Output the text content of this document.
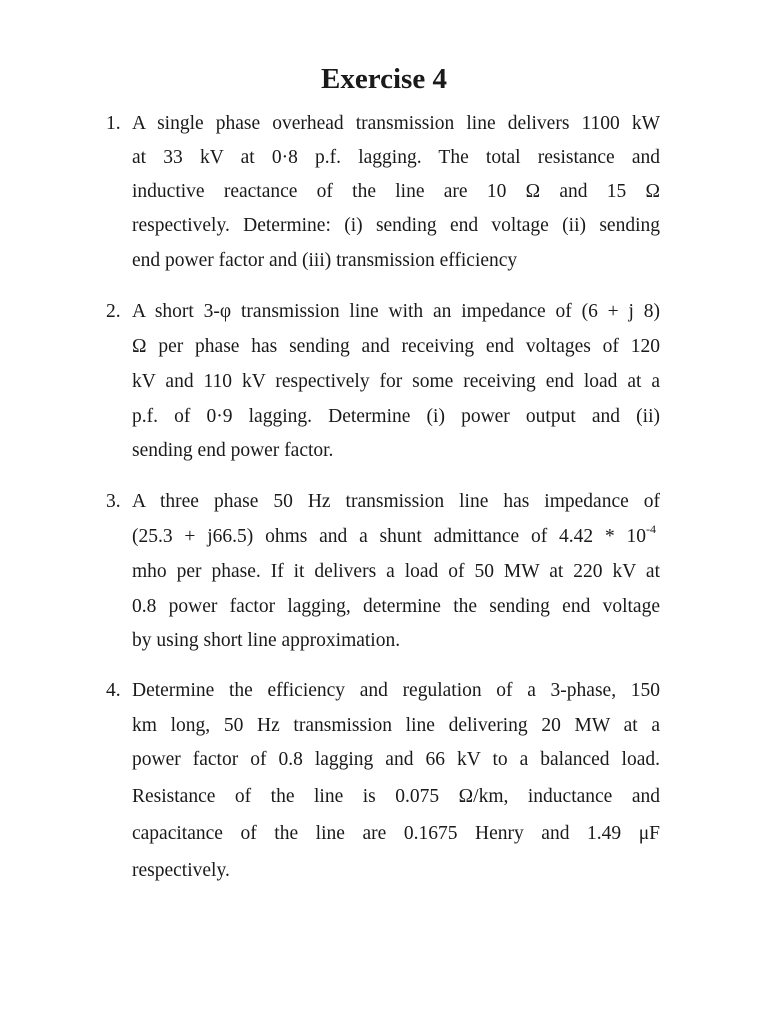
Exercise 4
1. A single phase overhead transmission line delivers 1100 kW
at 33 kV at 0·8 p.f. lagging. The total resistance and
inductive reactance of the line are 10 Ω and 15 Ω
respectively. Determine: (i) sending end voltage (ii) sending
end power factor and (iii) transmission efficiency
2. A short 3-φ transmission line with an impedance of (6 + j 8)
Ω per phase has sending and receiving end voltages of 120
kV and 110 kV respectively for some receiving end load at a
p.f. of 0·9 lagging. Determine (i) power output and (ii)
sending end power factor.
3. A three phase 50 Hz transmission line has impedance of
(25.3 + j66.5) ohms and a shunt admittance of $4.42 * 10^{-4}$
mho per phase. If it delivers a load of 50 MW at 220 kV at
0.8 power factor lagging, determine the sending end voltage
by using short line approximation.
4. Determine the efficiency and regulation of a 3-phase, 150
km long, 50 Hz transmission line delivering 20 MW at a
power factor of 0.8 lagging and 66 kV to a balanced load.
Resistance of the line is 0.075 Ω/km, inductance and
capacitance of the line are 0.1675 Henry and 1.49 μF
respectively.
